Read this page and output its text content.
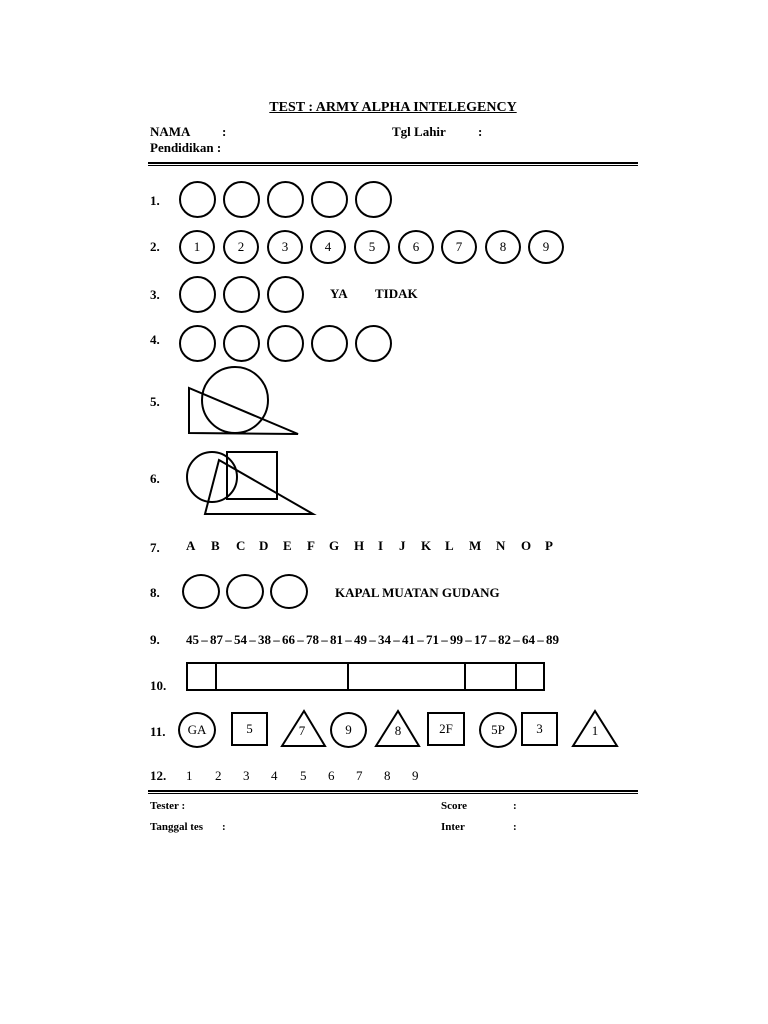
TEST : ARMY ALPHA INTELEGENCY
NAMA :	Tgl Lahir :
Pendidikan :
1.
2.	1	2	3	4	5	6	7	8	9
3.	YA TIDAK
4.
5.
6.
7. A B C D E F G H I J K L M N O P
8.	KAPAL MUATAN GUDANG
9. 45 – 87 – 54 – 38 – 66 – 78 – 81 – 49 – 34 – 41 – 71 – 99 – 17 – 82 – 64 – 89
10.
11.	GA	5	7	9	8	2F	5P	3	1
12. 1 2 3 4 5 6 7 8 9
Tester :	Score	:
Tanggal tes :	Inter	:
